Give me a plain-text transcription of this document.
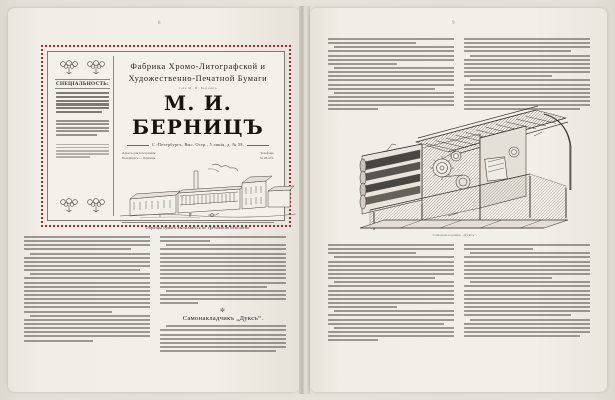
8
СПЕЦІАЛЬНОСТЬ:
Фабрика Хромо-Литографской и
Художественно-Печатной Бумаги
т-ва М. И. Берницъ
М. И. БЕРНИЦЪ
С.-Петербургъ, Выс. Остр., 5 линія, д. № 58.
Адресъ для телеграммъ:
Петербургъ — Берницъ.
Телефонъ
№ 28-672.
Образцы бумагъ высылаются по требованію безплатно.
✻
Самонакладчикъ „Дуксъ“.
9
Самонакладчикъ „Дуксъ“.
